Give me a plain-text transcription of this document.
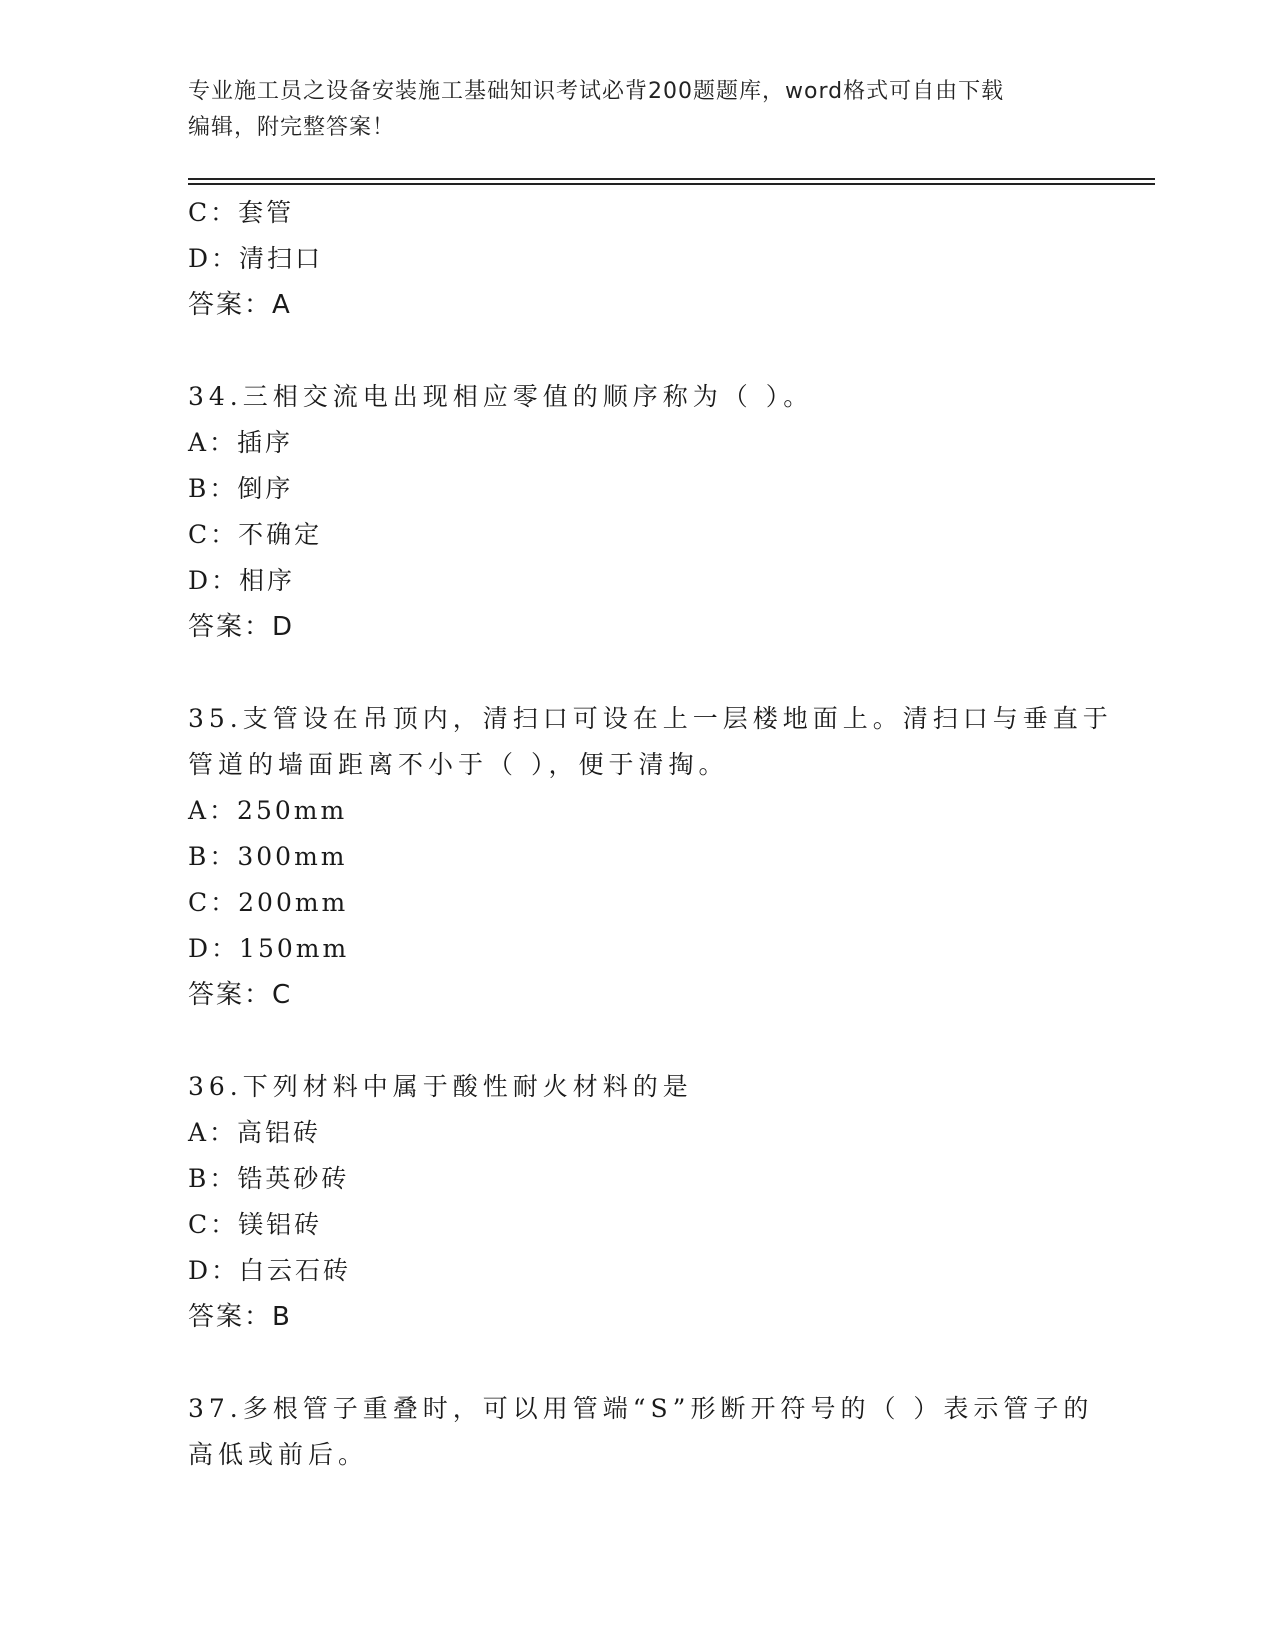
专业施工员之设备安装施工基础知识考试必背200题题库，word格式可自由下载
编辑，附完整答案！
C：套管
D：清扫口
答案：A
34.三相交流电出现相应零值的顺序称为（ ）。
A：插序
B：倒序
C：不确定
D：相序
答案：D
35.支管设在吊顶内，清扫口可设在上一层楼地面上。清扫口与垂直于
管道的墙面距离不小于（ ），便于清掏。
A：250mm
B：300mm
C：200mm
D：150mm
答案：C
36.下列材料中属于酸性耐火材料的是
A：高铝砖
B：锆英砂砖
C：镁铝砖
D：白云石砖
答案：B
37.多根管子重叠时，可以用管端“S”形断开符号的（ ）表示管子的
高低或前后。
